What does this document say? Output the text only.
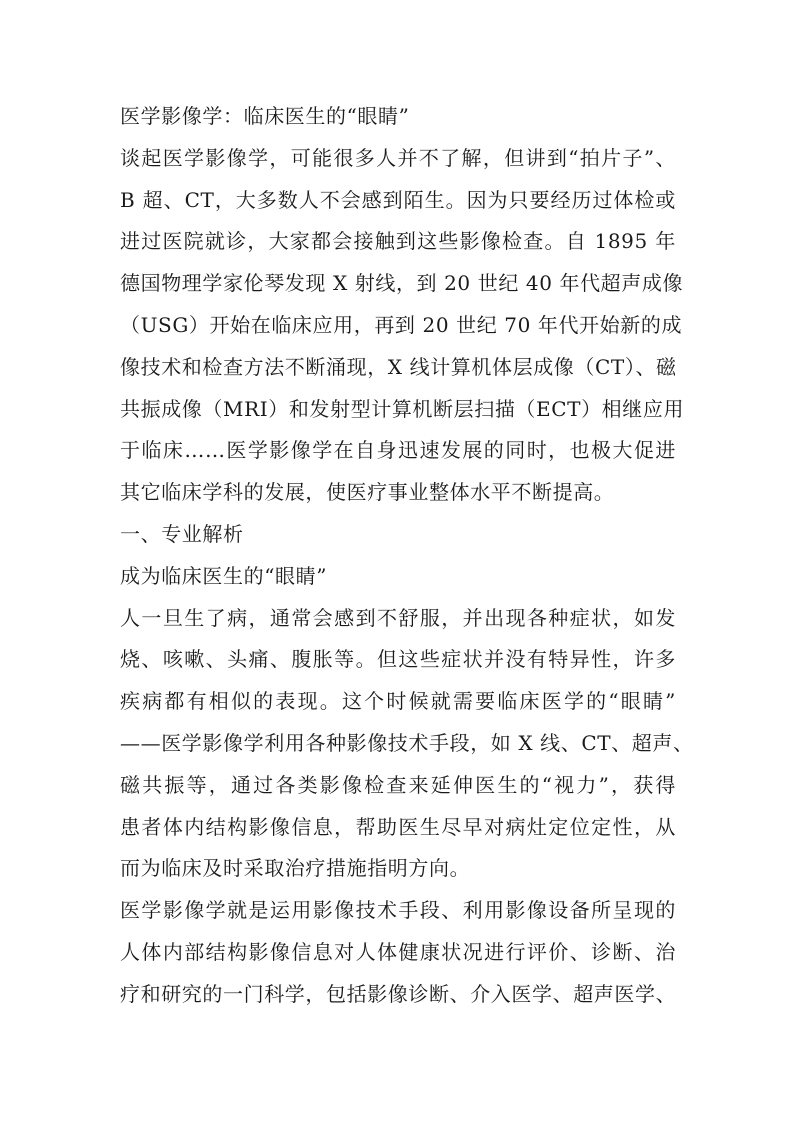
医学影像学：临床医生的“眼睛”
谈起医学影像学，可能很多人并不了解，但讲到“拍片子”、
B 超、CT，大多数人不会感到陌生。因为只要经历过体检或
进过医院就诊，大家都会接触到这些影像检查。自 1895 年
德国物理学家伦琴发现 X 射线，到 20 世纪 40 年代超声成像
（USG）开始在临床应用，再到 20 世纪 70 年代开始新的成
像技术和检查方法不断涌现，X 线计算机体层成像（CT）、磁
共振成像（MRI）和发射型计算机断层扫描（ECT）相继应用
于临床……医学影像学在自身迅速发展的同时，也极大促进
其它临床学科的发展，使医疗事业整体水平不断提高。
一、专业解析
成为临床医生的“眼睛”
人一旦生了病，通常会感到不舒服，并出现各种症状，如发
烧、咳嗽、头痛、腹胀等。但这些症状并没有特异性，许多
疾病都有相似的表现。这个时候就需要临床医学的“眼睛”
——医学影像学利用各种影像技术手段，如 X 线、CT、超声、
磁共振等，通过各类影像检查来延伸医生的“视力”，获得
患者体内结构影像信息，帮助医生尽早对病灶定位定性，从
而为临床及时采取治疗措施指明方向。
医学影像学就是运用影像技术手段、利用影像设备所呈现的
人体内部结构影像信息对人体健康状况进行评价、诊断、治
疗和研究的一门科学，包括影像诊断、介入医学、超声医学、
